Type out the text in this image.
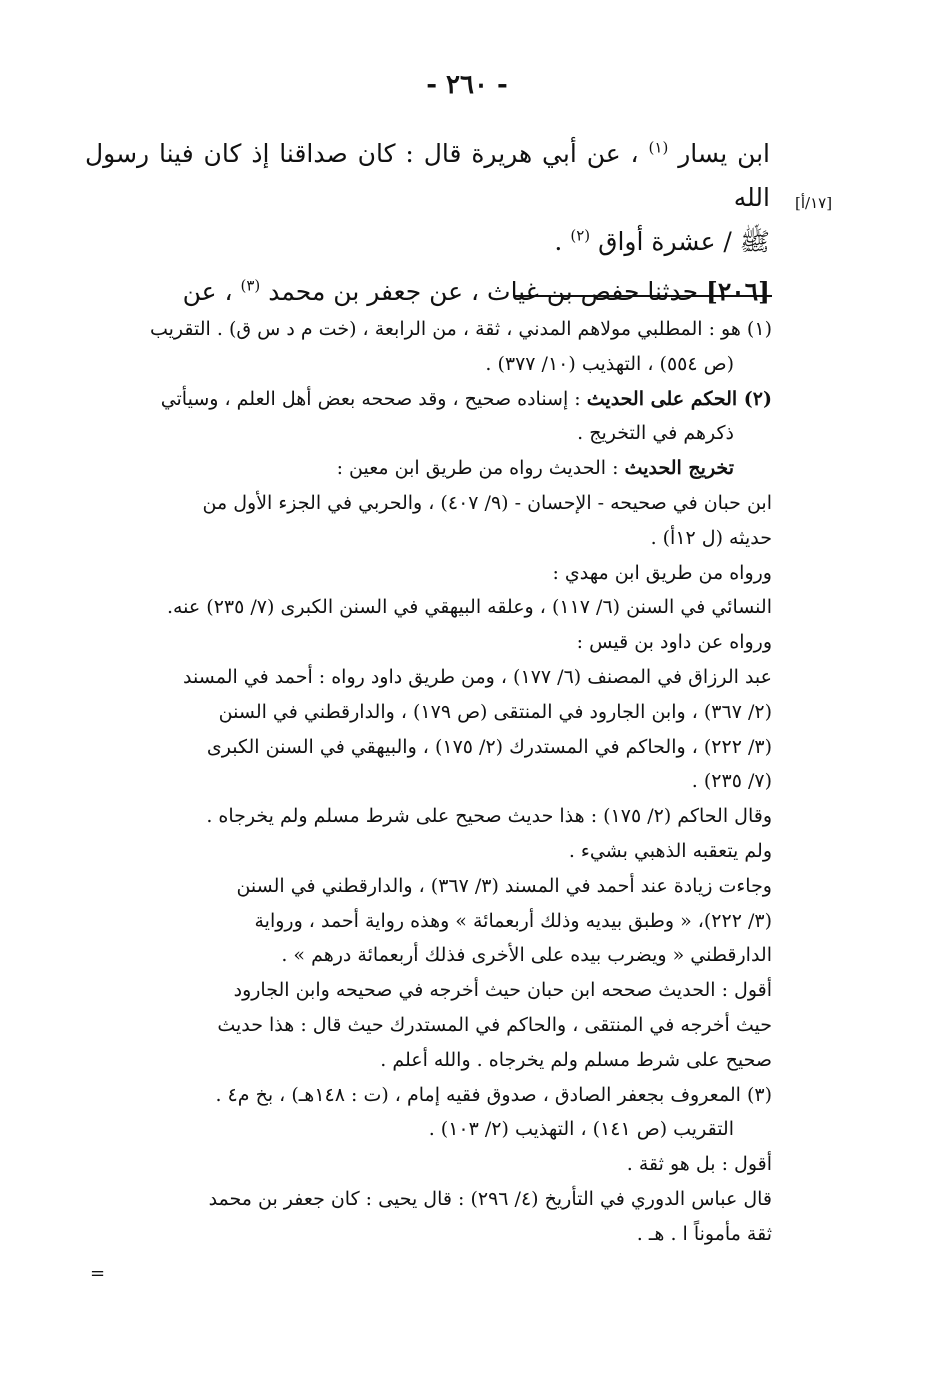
- ٢٦٠ -

ابن يسار $^{(١)}$ ، عن أبي هريرة قال : كان صداقنا إذ كان فينا رسول الله

ﷺ / عشرة أواق $^{(٢)}$ .

[٢٠٦] حدثنا حفص بن غياث ، عن جعفر بن محمد $^{(٣)}$ ، عن

[١٧/أ]

(١) هو : المطلبي مولاهم المدني ، ثقة ، من الرابعة ، (خت م د س ق) . التقريب

(ص ٥٥٤) ، التهذيب (١٠/ ٣٧٧) .

(٢) الحكم على الحديث : إسناده صحيح ، وقد صححه بعض أهل العلم ، وسيأتي

ذكرهم في التخريج .

تخريج الحديث : الحديث رواه من طريق ابن معين :

ابن حبان في صحيحه - الإحسان - (٩/ ٤٠٧) ، والحربي في الجزء الأول من

حديثه (ل ١٢أ) .

ورواه من طريق ابن مهدي :

النسائي في السنن (٦/ ١١٧) ، وعلقه البيهقي في السنن الكبرى (٧/ ٢٣٥) عنه.

ورواه عن داود بن قيس :

عبد الرزاق في المصنف (٦/ ١٧٧) ، ومن طريق داود رواه : أحمد في المسند

(٢/ ٣٦٧) ، وابن الجارود في المنتقى (ص ١٧٩) ، والدارقطني في السنن

(٣/ ٢٢٢) ، والحاكم في المستدرك (٢/ ١٧٥) ، والبيهقي في السنن الكبرى

(٧/ ٢٣٥) .

وقال الحاكم (٢/ ١٧٥) : هذا حديث صحيح على شرط مسلم ولم يخرجاه .

ولم يتعقبه الذهبي بشيء .

وجاءت زيادة عند أحمد في المسند (٣/ ٣٦٧) ، والدارقطني في السنن

(٣/ ٢٢٢)، « وطبق بيديه وذلك أربعمائة » وهذه رواية أحمد ، ورواية

الدارقطني « ويضرب بيده على الأخرى فذلك أربعمائة درهم » .

أقول : الحديث صححه ابن حبان حيث أخرجه في صحيحه وابن الجارود

حيث أخرجه في المنتقى ، والحاكم في المستدرك حيث قال : هذا حديث

صحيح على شرط مسلم ولم يخرجاه . والله أعلم .

(٣) المعروف بجعفر الصادق ، صدوق فقيه إمام ، (ت : ١٤٨هـ) ، بخ م٤ .

التقريب (ص ١٤١) ، التهذيب (٢/ ١٠٣) .

أقول : بل هو ثقة .

قال عباس الدوري في التأريخ (٤/ ٢٩٦) : قال يحيى : كان جعفر بن محمد

ثقة مأموناً ا . هـ .

=
